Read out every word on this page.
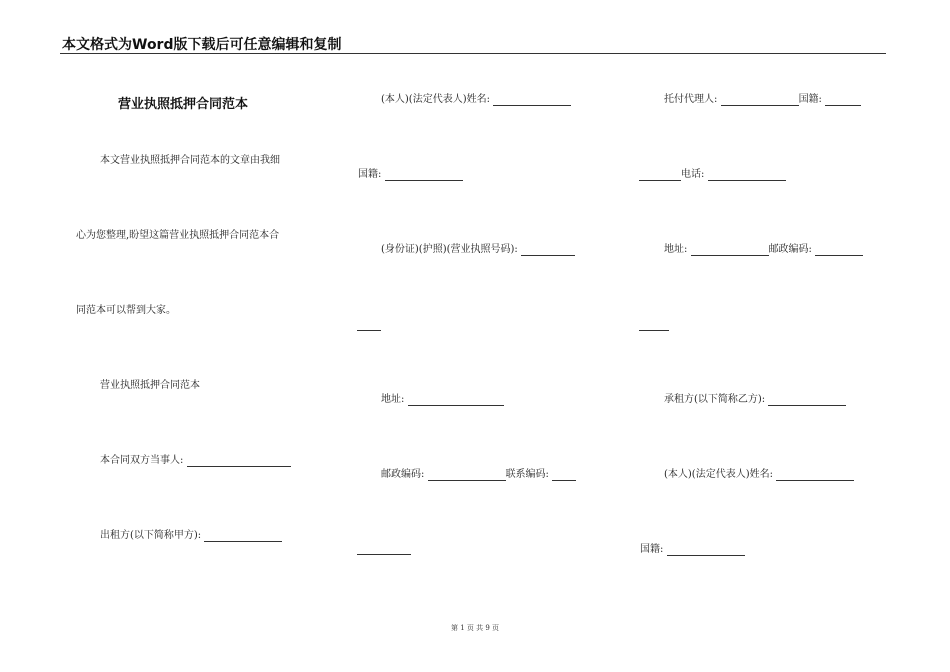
本文格式为Word版下载后可任意编辑和复制
营业执照抵押合同范本
本文营业执照抵押合同范本的文章由我细
心为您整理,盼望这篇营业执照抵押合同范本合
同范本可以帮到大家。
营业执照抵押合同范本
本合同双方当事人:
出租方(以下简称甲方):
(本人)(法定代表人)姓名:
国籍:
(身份证)(护照)(营业执照号码):
地址:
邮政编码:	联系编码:
托付代理人:	国籍:
电话:
地址:	邮政编码:
承租方(以下简称乙方):
(本人)(法定代表人)姓名:
国籍:
第 1 页 共 9 页
